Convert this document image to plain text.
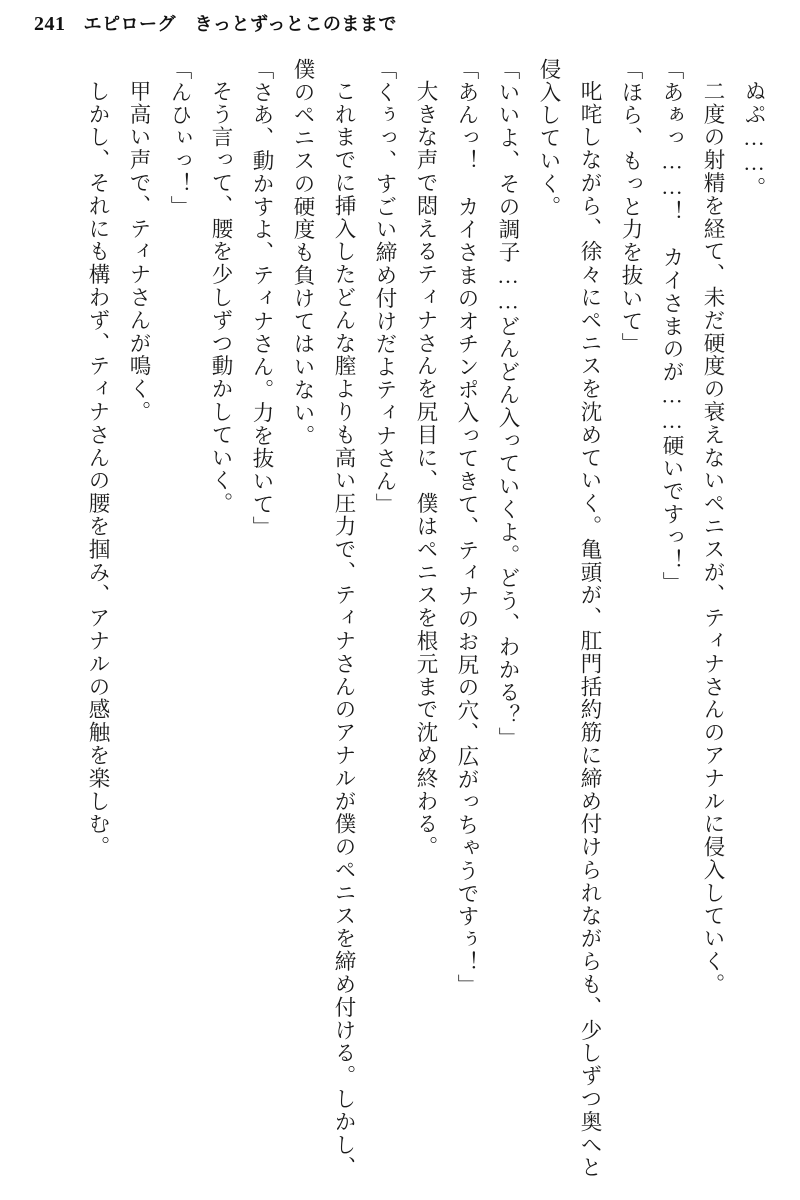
241 エピローグ　きっとずっとこのままで

ぬぷ……。

二度の射精を経て、未だ硬度の衰えないペニスが、ティナさんのアナルに侵入していく。

「あぁっ……！　カイさまのが……硬いですっ！」

「ほら、もっと力を抜いて」

叱咤しながら、徐々にペニスを沈めていく。亀頭が、肛門括約筋に締め付けられながらも、少しずつ奥へと侵入していく。

「いいよ、その調子……どんどん入っていくよ。どう、わかる？」

「あんっ！　カイさまのオチンポ入ってきて、ティナのお尻の穴、広がっちゃうですぅ！」

大きな声で悶えるティナさんを尻目に、僕はペニスを根元まで沈め終わる。

「くぅっ、すごい締め付けだよティナさん」

これまでに挿入したどんな膣よりも高い圧力で、ティナさんのアナルが僕のペニスを締め付ける。しかし、僕のペニスの硬度も負けてはいない。

「さあ、動かすよ、ティナさん。力を抜いて」

そう言って、腰を少しずつ動かしていく。

「んひぃっ！」

甲高い声で、ティナさんが鳴く。

しかし、それにも構わず、ティナさんの腰を掴み、アナルの感触を楽しむ。
